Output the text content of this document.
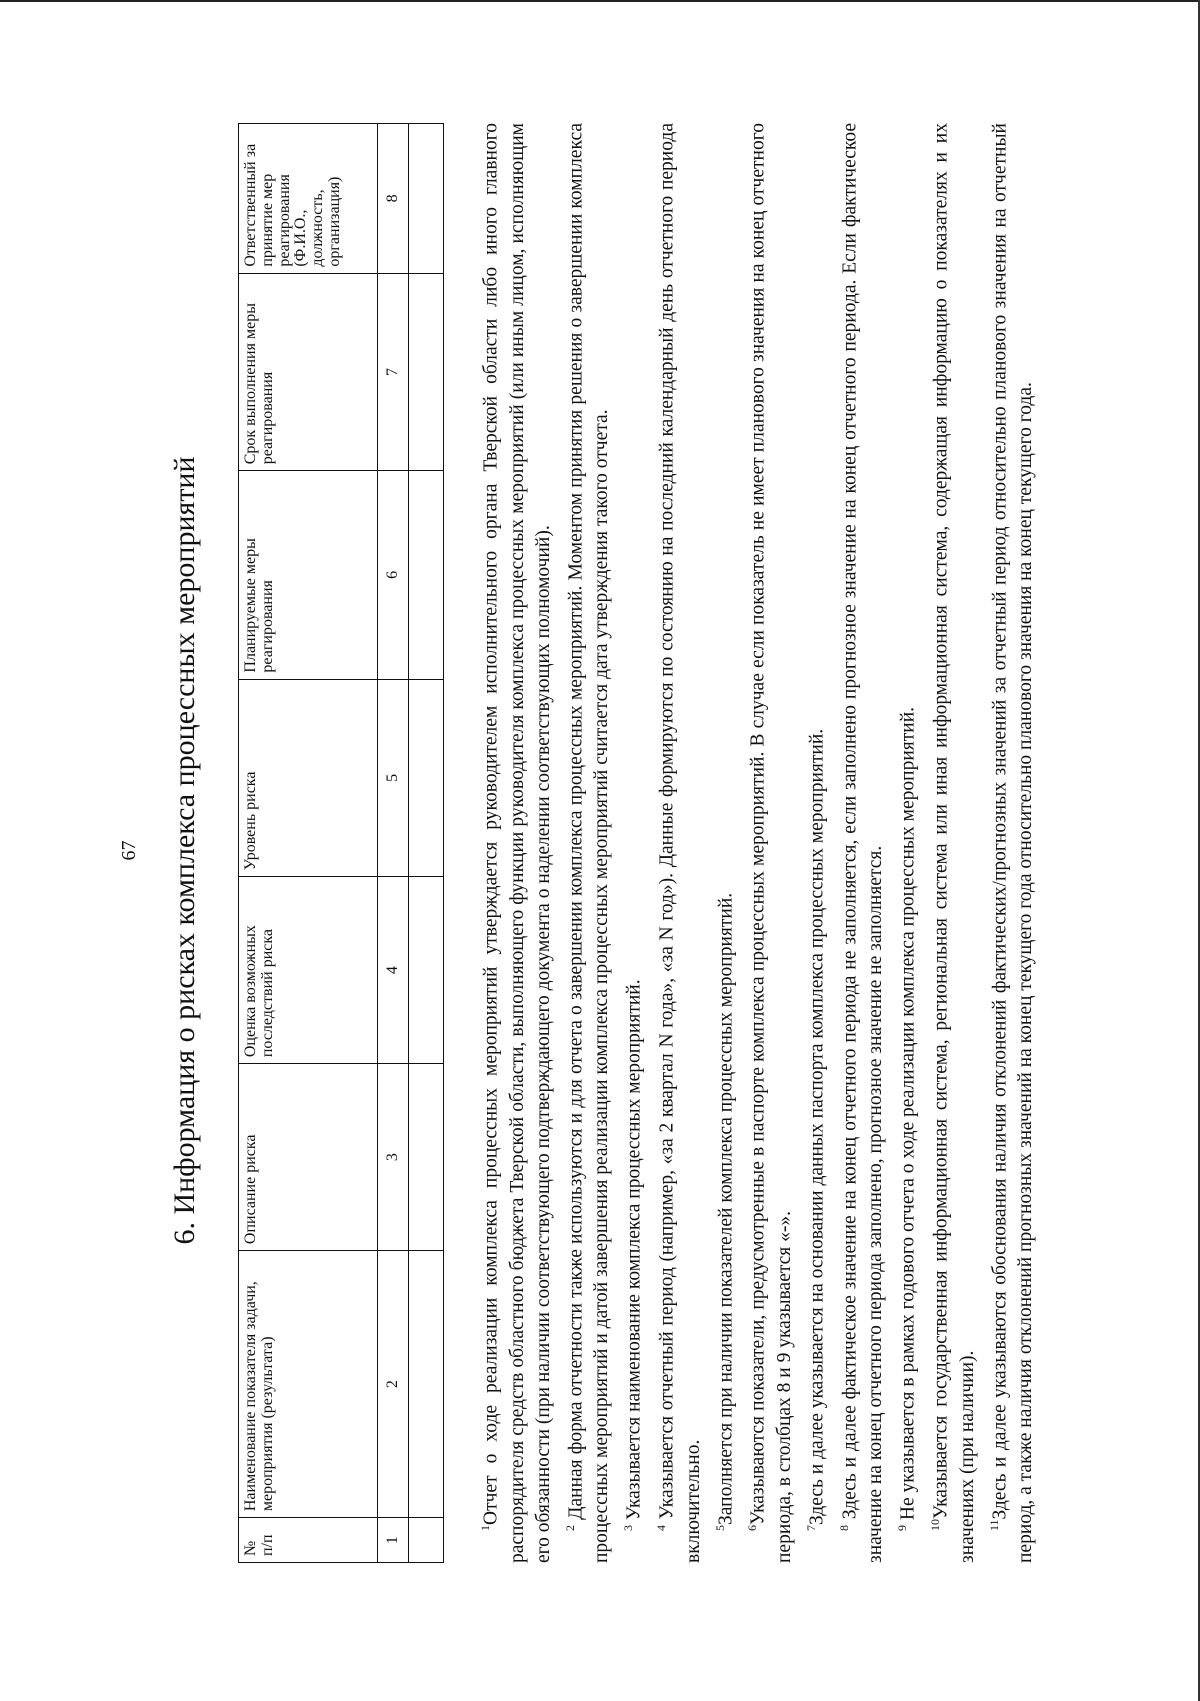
67 6. Информация о рисках комплекса процессных мероприятий
№ п/п	Наименование показателя задачи, мероприятия (результата)	Описание риска	Оценка возможных последствий риска	Уровень риска	Планируемые меры реагирования	Срок выполнения меры реагирования	Ответственный за принятие мер реагирования (Ф.И.О., должность, организация)
1	2	3	4	5	6	7	8

$^1$Отчет о ходе реализации комплекса процессных мероприятий утверждается руководителем исполнительного органа Тверской области либо иного главного распорядителя средств областного бюджета Тверской области, выполняющего функции руководителя комплекса процессных мероприятий (или иным лицом, исполняющим его обязанности (при наличии соответствующего подтверждающего документа о наделении соответствующих полномочий). $^2$ Данная форма отчетности также используются и для отчета о завершении комплекса процессных мероприятий. Моментом принятия решения о завершении комплекса процессных мероприятий и датой завершения реализации комплекса процессных мероприятий считается дата утверждения такого отчета. $^3$ Указывается наименование комплекса процессных мероприятий.

$^4$ Указывается отчетный период (например, «за 2 квартал N года», «за N год»). Данные формируются по состоянию на последний календарный день отчетного периода включительно. $^5$Заполняется при наличии показателей комплекса процессных мероприятий.

$^6$Указываются показатели, предусмотренные в паспорте комплекса процессных мероприятий. В случае если показатель не имеет планового значения на конец отчетного периода, в столбцах 8 и 9 указывается «-». $^7$Здесь и далее указывается на основании данных паспорта комплекса процессных мероприятий.

$^8$ Здесь и далее фактическое значение на конец отчетного периода не заполняется, если заполнено прогнозное значение на конец отчетного периода. Если фактическое значение на конец отчетного периода заполнено, прогнозное значение не заполняется. $^9$ Не указывается в рамках годового отчета о ходе реализации комплекса процессных мероприятий.

$^{10}$Указывается государственная информационная система, региональная система или иная информационная система, содержащая информацию о показателях и их значениях (при наличии). $^{11}$Здесь и далее указываются обоснования наличия отклонений фактических/прогнозных значений за отчетный период относительно планового значения на отчетный период, а также наличия отклонений прогнозных значений на конец текущего года относительно планового значения на конец текущего года.
